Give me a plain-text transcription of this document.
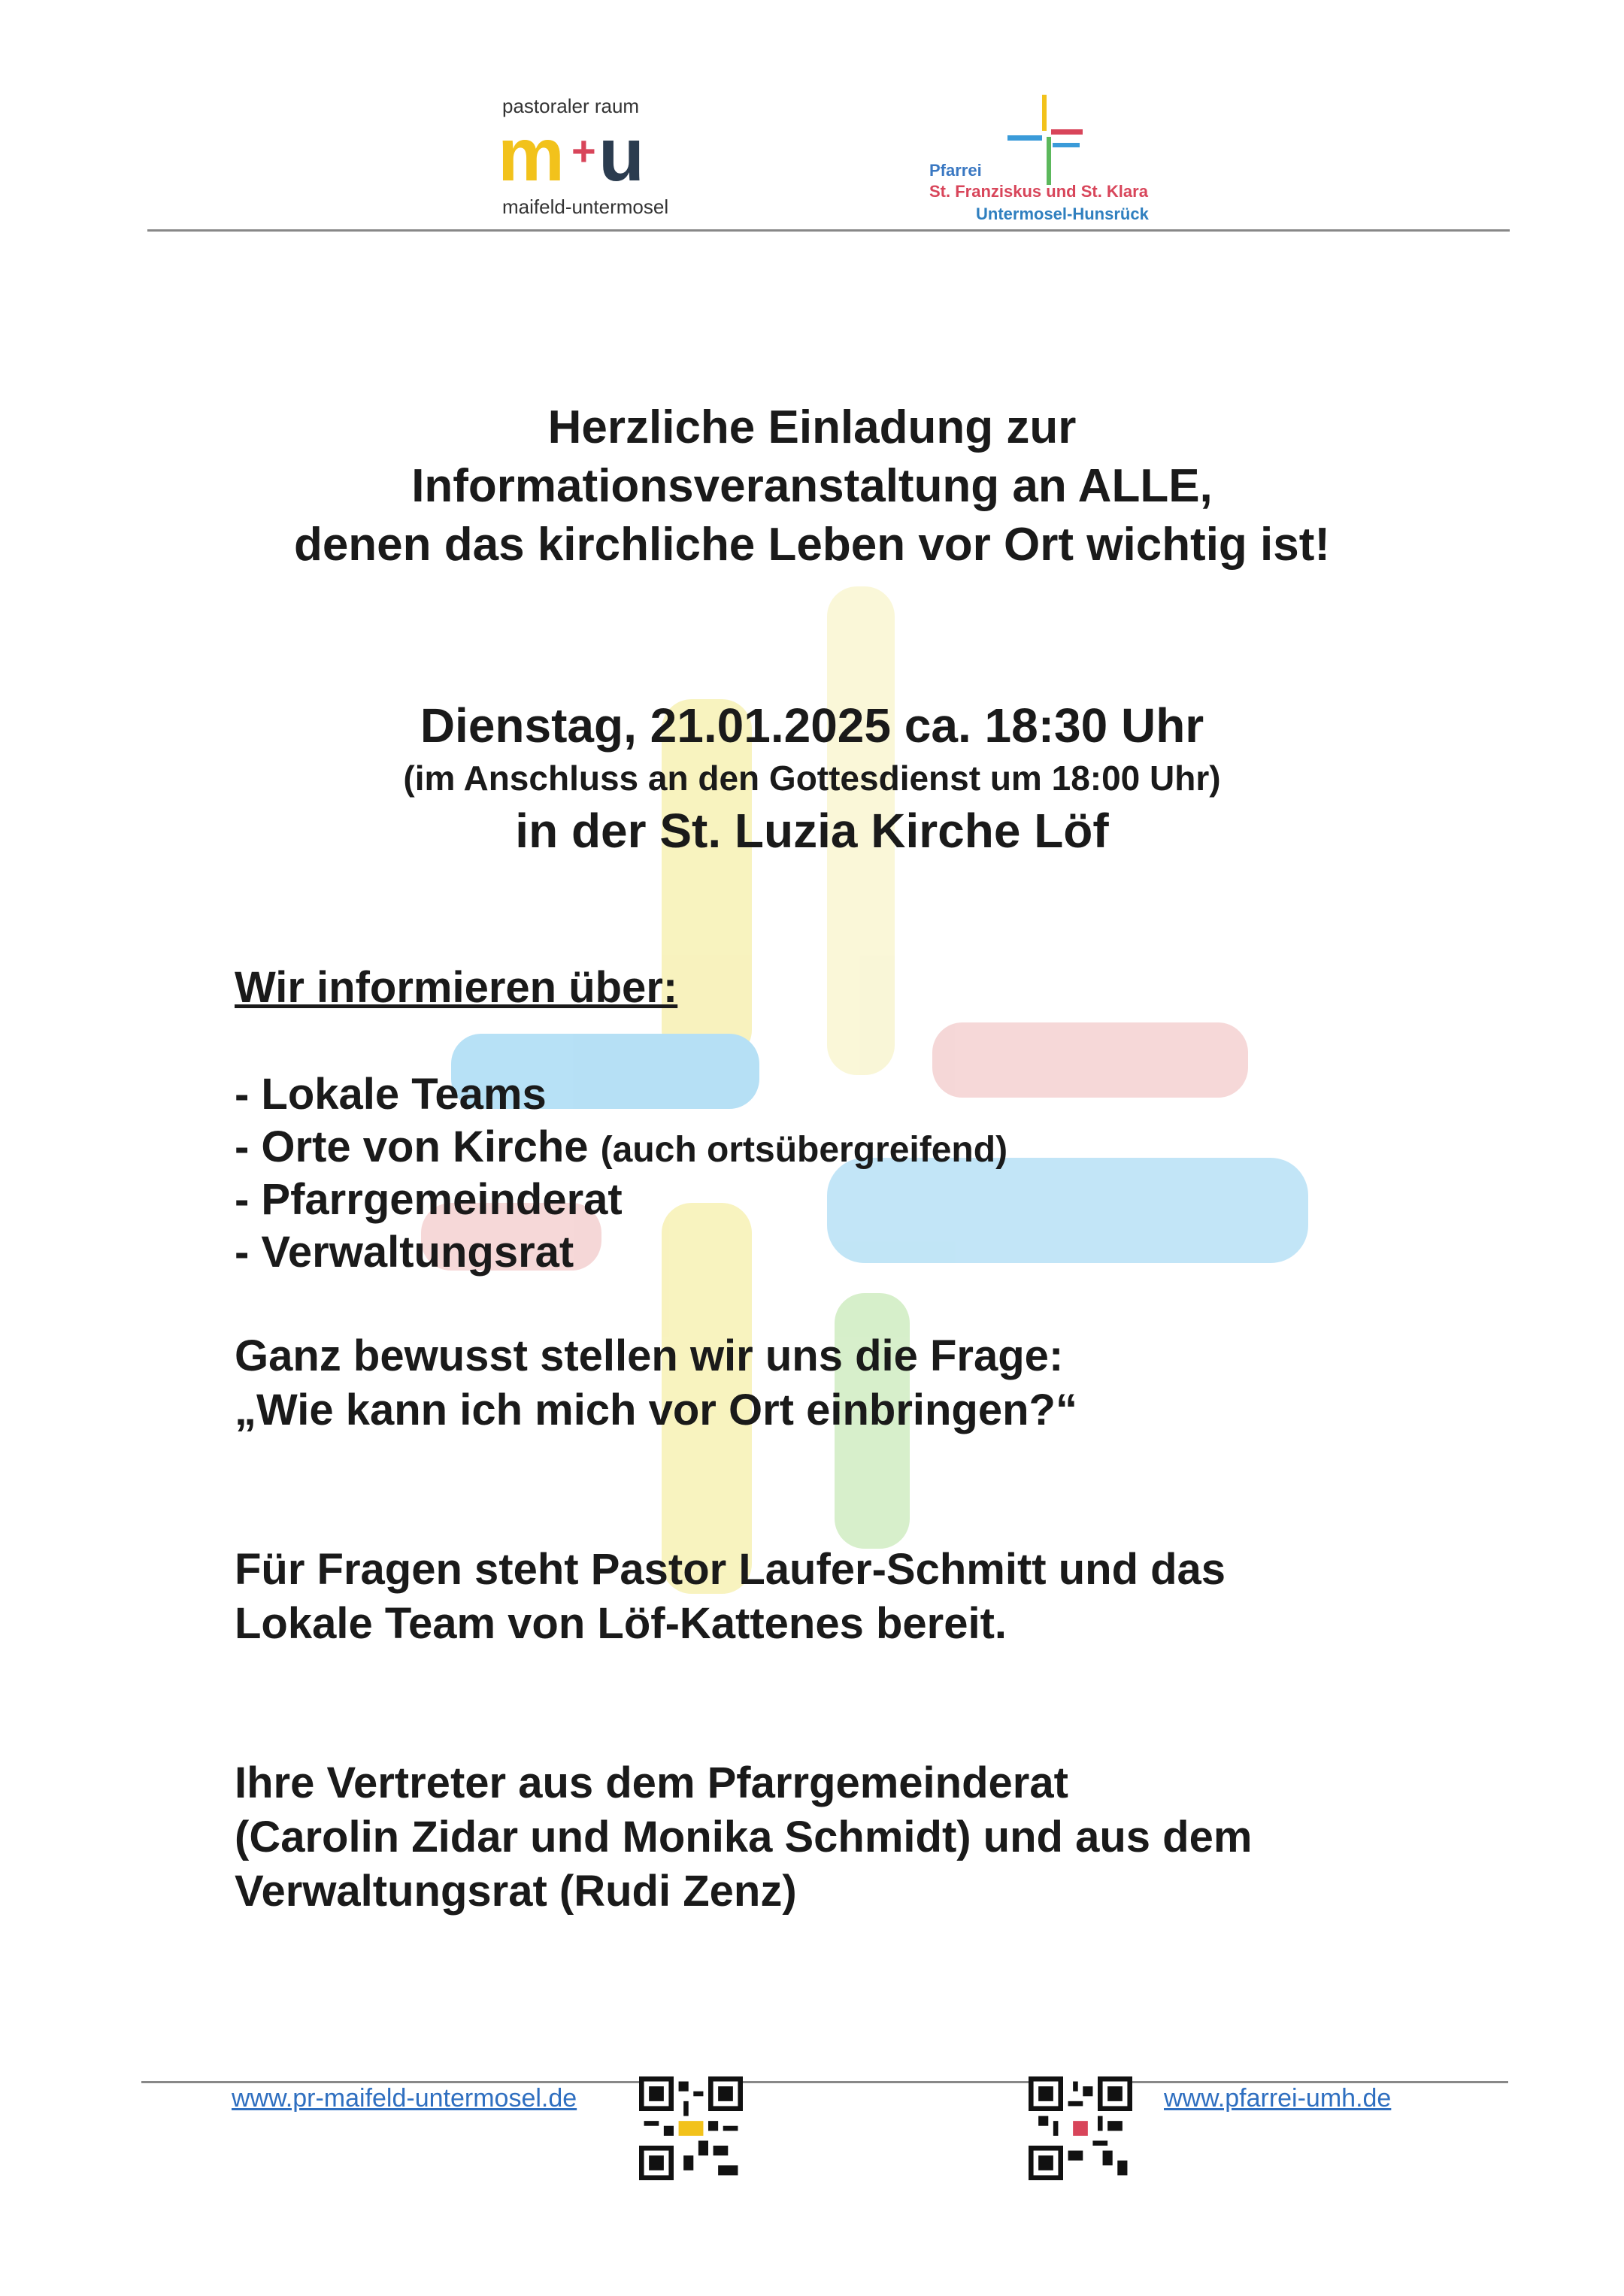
pastoraler raum
m + u
maifeld-untermosel
Pfarrei
St. Franziskus und St. Klara
Untermosel-Hunsrück
Herzliche Einladung zur
Informationsveranstaltung an ALLE,
denen das kirchliche Leben vor Ort wichtig ist!
Dienstag, 21.01.2025 ca. 18:30 Uhr
(im Anschluss an den Gottesdienst um 18:00 Uhr)
in der St. Luzia Kirche Löf
Wir informieren über:
- Lokale Teams
- Orte von Kirche (auch ortsübergreifend)
- Pfarrgemeinderat
- Verwaltungsrat
Ganz bewusst stellen wir uns die Frage:
„Wie kann ich mich vor Ort einbringen?“
Für Fragen steht Pastor Laufer-Schmitt und das
Lokale Team von Löf-Kattenes bereit.
Ihre Vertreter aus dem Pfarrgemeinderat
(Carolin Zidar und Monika Schmidt) und aus dem
Verwaltungsrat (Rudi Zenz)
www.pr-maifeld-untermosel.de	www.pfarrei-umh.de
